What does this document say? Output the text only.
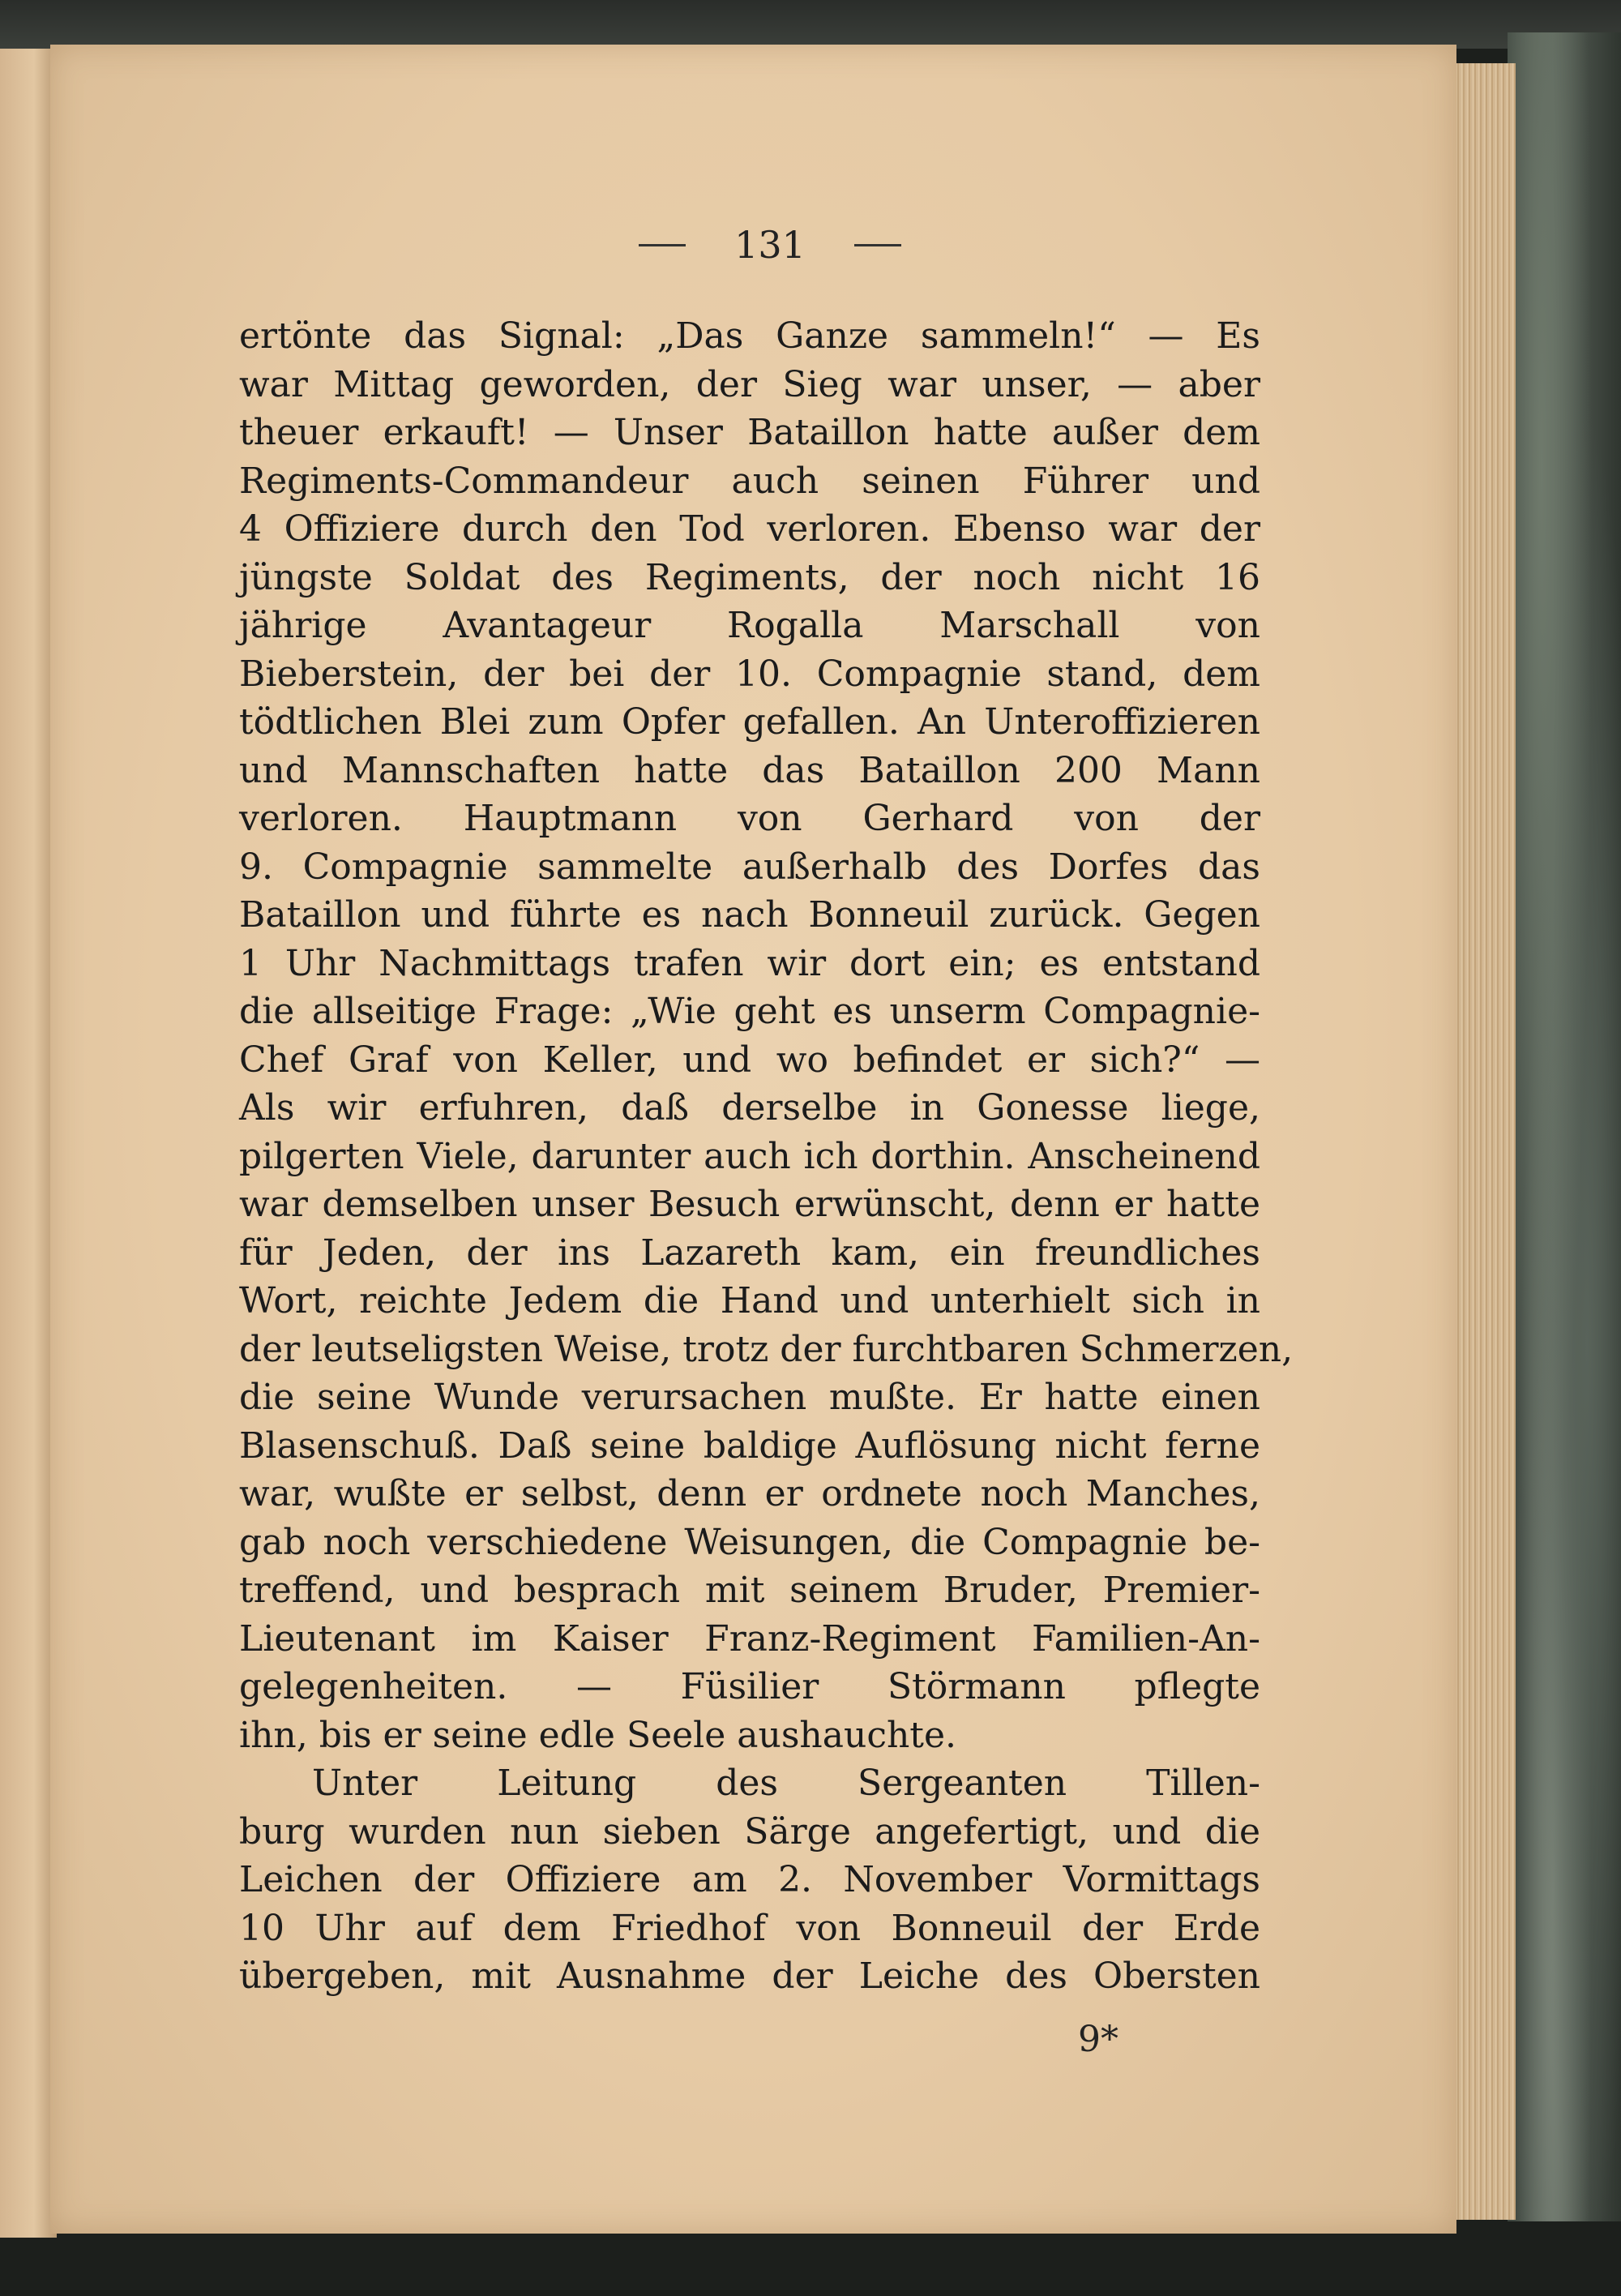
131
ertönte das Signal: „Das Ganze sammeln!“ — Es
war Mittag geworden, der Sieg war unser, — aber
theuer erkauft! — Unser Bataillon hatte außer dem
Regiments-Commandeur auch seinen Führer und
4 Offiziere durch den Tod verloren. Ebenso war der
jüngste Soldat des Regiments, der noch nicht 16
jährige Avantageur Rogalla Marschall von
Bieberstein, der bei der 10. Compagnie stand, dem
tödtlichen Blei zum Opfer gefallen. An Unteroffizieren
und Mannschaften hatte das Bataillon 200 Mann
verloren. Hauptmann von Gerhard von der
9. Compagnie sammelte außerhalb des Dorfes das
Bataillon und führte es nach Bonneuil zurück. Gegen
1 Uhr Nachmittags trafen wir dort ein; es entstand
die allseitige Frage: „Wie geht es unserm Compagnie-
Chef Graf von Keller, und wo befindet er sich?“ —
Als wir erfuhren, daß derselbe in Gonesse liege,
pilgerten Viele, darunter auch ich dorthin. Anscheinend
war demselben unser Besuch erwünscht, denn er hatte
für Jeden, der ins Lazareth kam, ein freundliches
Wort, reichte Jedem die Hand und unterhielt sich in
der leutseligsten Weise, trotz der furchtbaren Schmerzen,
die seine Wunde verursachen mußte. Er hatte einen
Blasenschuß. Daß seine baldige Auflösung nicht ferne
war, wußte er selbst, denn er ordnete noch Manches,
gab noch verschiedene Weisungen, die Compagnie be-
treffend, und besprach mit seinem Bruder, Premier-
Lieutenant im Kaiser Franz-Regiment Familien-An-
gelegenheiten. — Füsilier Störmann pflegte
ihn, bis er seine edle Seele aushauchte.
Unter Leitung des Sergeanten Tillen-
burg wurden nun sieben Särge angefertigt, und die
Leichen der Offiziere am 2. November Vormittags
10 Uhr auf dem Friedhof von Bonneuil der Erde
übergeben, mit Ausnahme der Leiche des Obersten
9*
